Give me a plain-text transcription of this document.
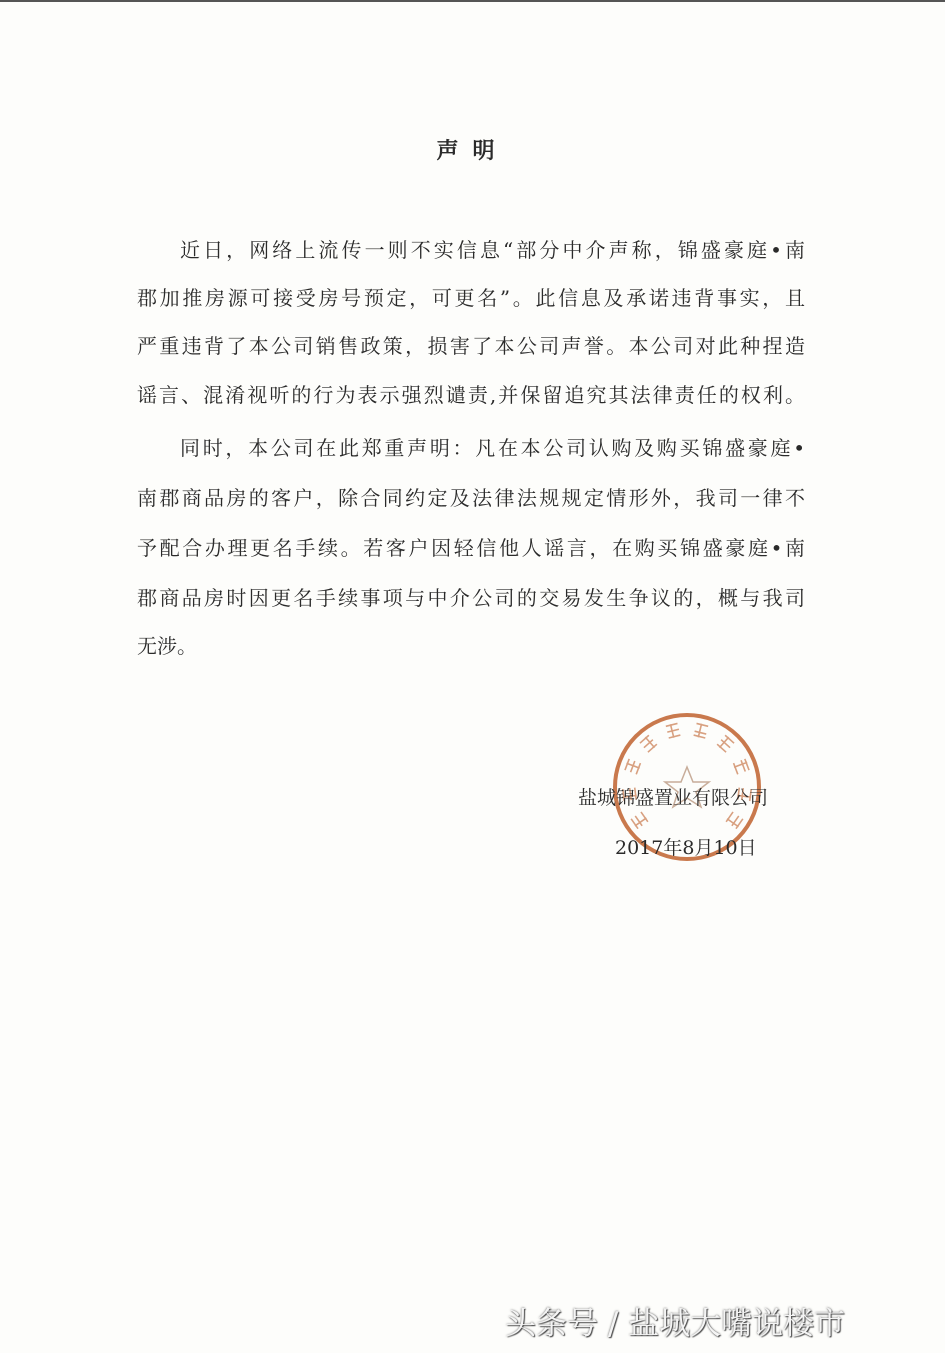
声明
近日，网络上流传一则不实信息“部分中介声称，锦盛豪庭•南
郡加推房源可接受房号预定，可更名”。此信息及承诺违背事实，且
严重违背了本公司销售政策，损害了本公司声誉。本公司对此种捏造
谣言、混淆视听的行为表示强烈谴责,并保留追究其法律责任的权利。
同时，本公司在此郑重声明：凡在本公司认购及购买锦盛豪庭•
南郡商品房的客户，除合同约定及法律法规规定情形外，我司一律不
予配合办理更名手续。若客户因轻信他人谣言，在购买锦盛豪庭•南
郡商品房时因更名手续事项与中介公司的交易发生争议的，概与我司
无涉。
盐城锦盛置业有限公司
2017年8月10日
头条号 / 盐城大嘴说楼市
